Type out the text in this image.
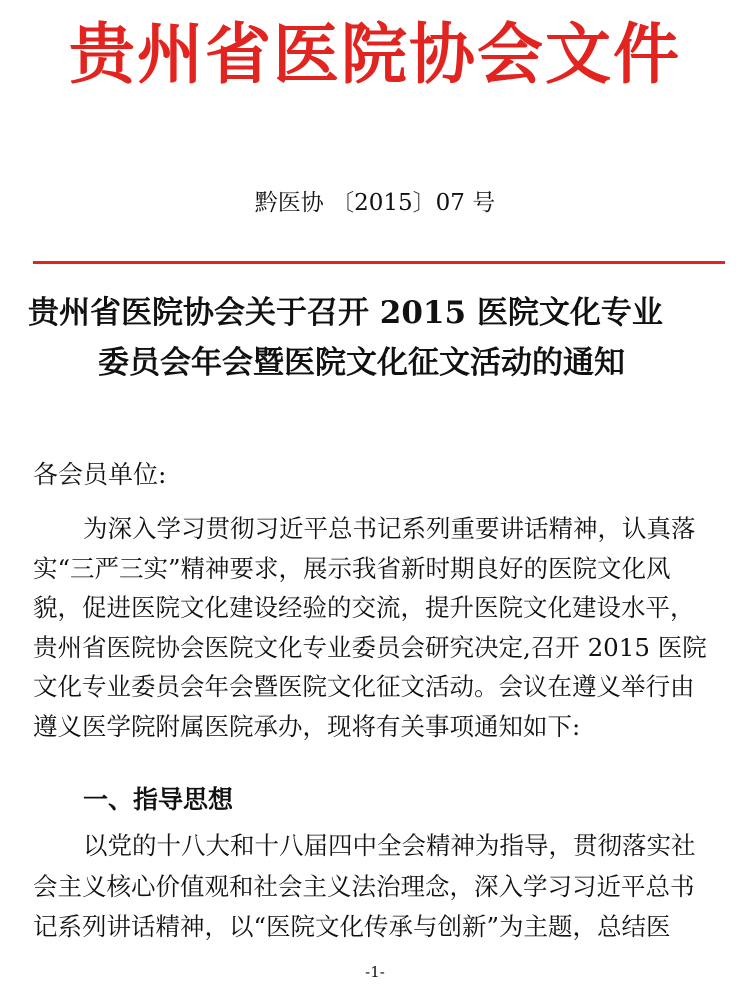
贵州省医院协会文件
黔医协 〔2015〕07 号
贵州省医院协会关于召开 2015 医院文化专业
委员会年会暨医院文化征文活动的通知
各会员单位:
为深入学习贯彻习近平总书记系列重要讲话精神，认真落
实“三严三实”精神要求，展示我省新时期良好的医院文化风
貌，促进医院文化建设经验的交流，提升医院文化建设水平，
贵州省医院协会医院文化专业委员会研究决定,召开 2015 医院
文化专业委员会年会暨医院文化征文活动。会议在遵义举行由
遵义医学院附属医院承办，现将有关事项通知如下:
一、指导思想
以党的十八大和十八届四中全会精神为指导，贯彻落实社
会主义核心价值观和社会主义法治理念，深入学习习近平总书
记系列讲话精神，以“医院文化传承与创新”为主题，总结医
-1-
